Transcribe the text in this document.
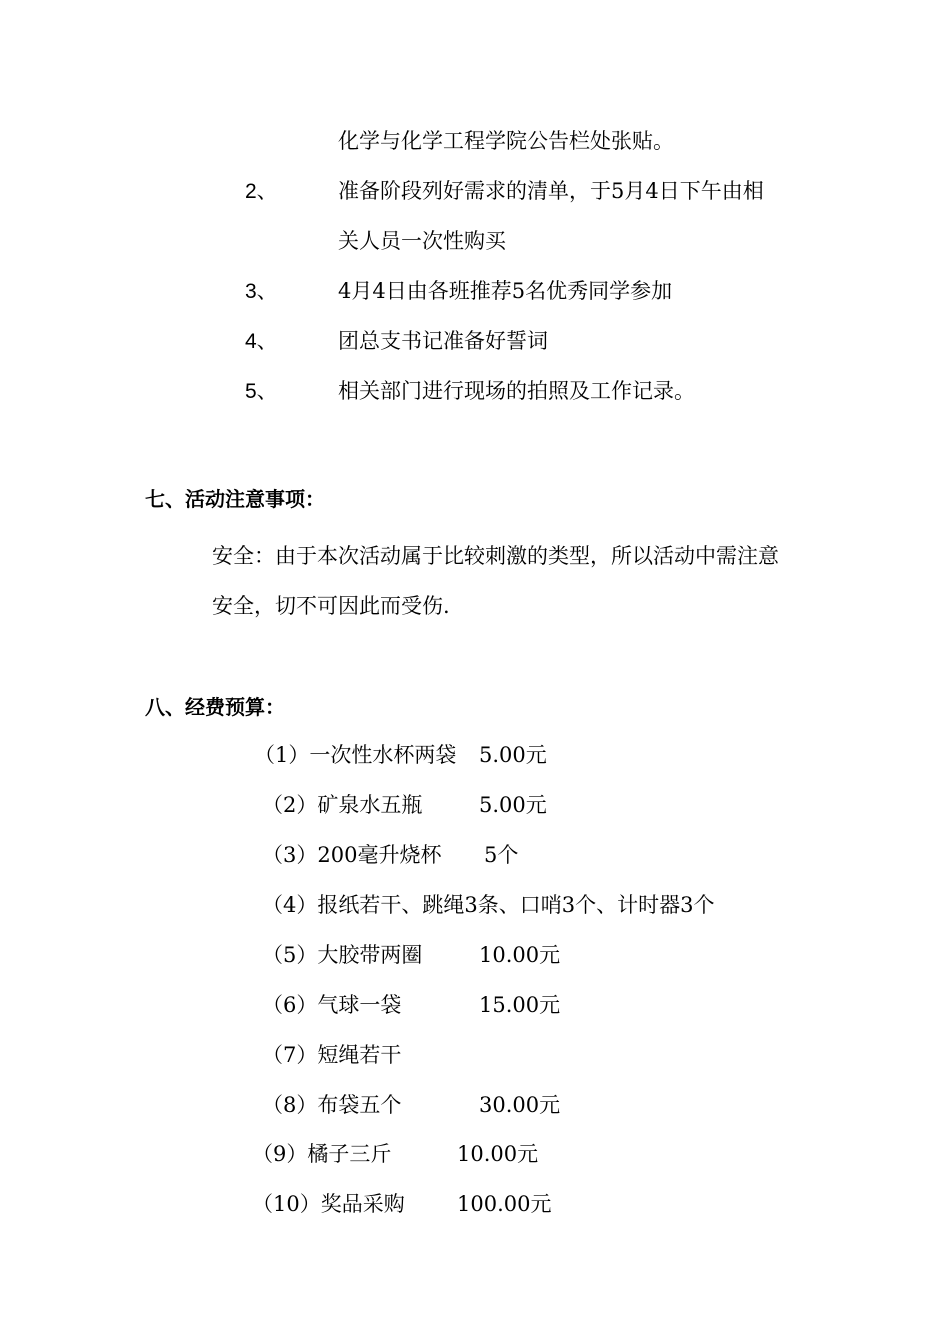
化学与化学工程学院公告栏处张贴。
2、	准备阶段列好需求的清单，于5月4日下午由相
关人员一次性购买
3、	4月4日由各班推荐5名优秀同学参加
4、	团总支书记准备好誓词
5、	相关部门进行现场的拍照及工作记录。
七、活动注意事项：
安全：由于本次活动属于比较刺激的类型，所以活动中需注意
安全，切不可因此而受伤.
八、经费预算：
（1）一次性水杯两袋 5.00元
（2）矿泉水五瓶	5.00元
（3）200毫升烧杯 5个
（4）报纸若干、跳绳3条、口哨3个、计时器3个
（5）大胶带两圈	10.00元
（6）气球一袋	15.00元
（7）短绳若干
（8）布袋五个	30.00元
（9）橘子三斤	10.00元
（10）奖品采购 100.00元
